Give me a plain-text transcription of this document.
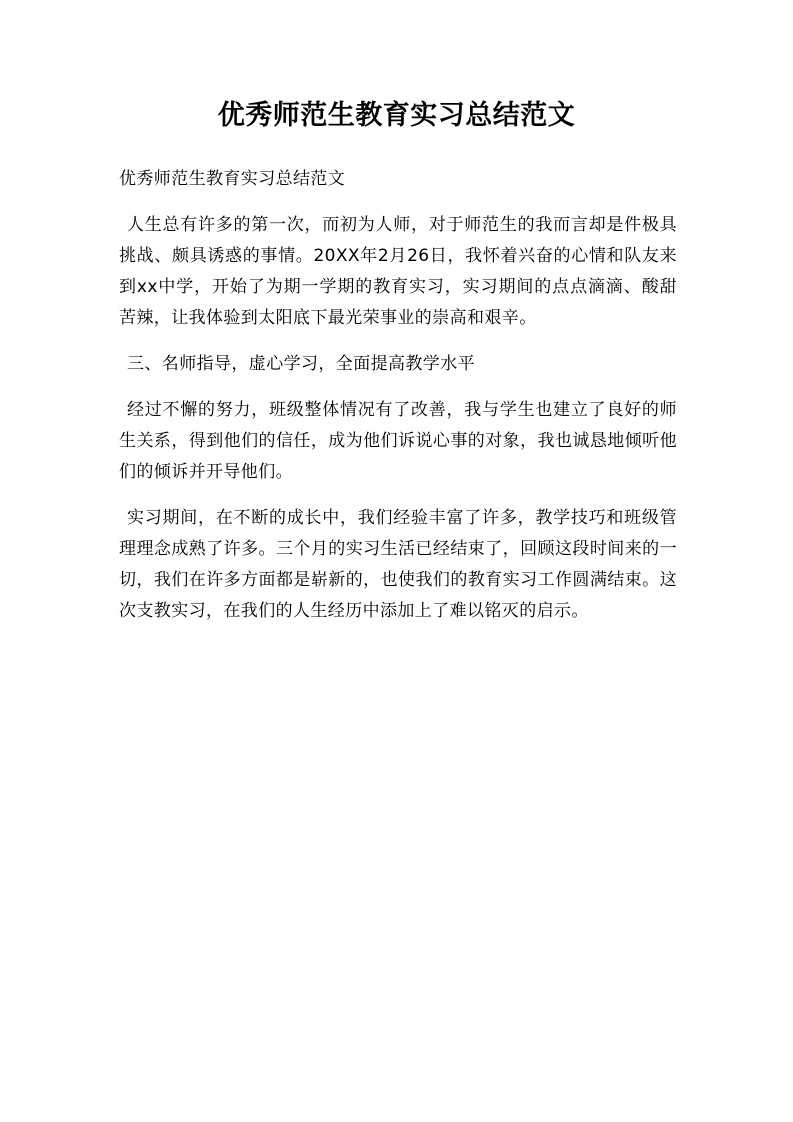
优秀师范生教育实习总结范文

优秀师范生教育实习总结范文

人生总有许多的第一次，而初为人师，对于师范生的我而言却是件极具挑战、颇具诱惑的事情。20XX年2月26日，我怀着兴奋的心情和队友来到xx中学，开始了为期一学期的教育实习，实习期间的点点滴滴、酸甜苦辣，让我体验到太阳底下最光荣事业的崇高和艰辛。

三、名师指导，虚心学习，全面提高教学水平

经过不懈的努力，班级整体情况有了改善，我与学生也建立了良好的师生关系，得到他们的信任，成为他们诉说心事的对象，我也诚恳地倾听他们的倾诉并开导他们。

实习期间，在不断的成长中，我们经验丰富了许多，教学技巧和班级管理理念成熟了许多。三个月的实习生活已经结束了，回顾这段时间来的一切，我们在许多方面都是崭新的，也使我们的教育实习工作圆满结束。这次支教实习，在我们的人生经历中添加上了难以铭灭的启示。
